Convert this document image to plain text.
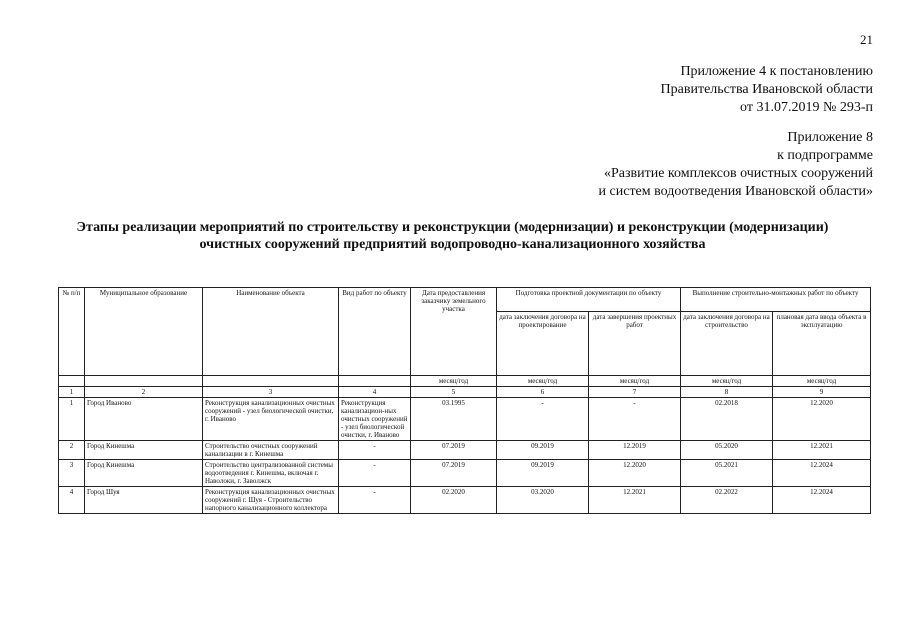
21
Приложение 4 к постановлению
Правительства Ивановской области
от 31.07.2019 № 293-п
Приложение 8
к подпрограмме
«Развитие комплексов очистных сооружений
и систем водоотведения Ивановской области»
Этапы реализации мероприятий по строительству и реконструкции (модернизации) и реконструкции (модернизации)
очистных сооружений предприятий водопроводно-канализационного хозяйства
№ п/п	Муниципальное образование	Наименование объекта	Вид работ по объекту	Дата предоставления заказчику земельного участка	Подготовка проектной документации по объекту		Выполнение строительно-монтажных работ по объекту	
					дата заключения договора на проектирование	дата завершения проектных работ	дата заключения договора на строительство	плановая дата ввода объекта в эксплуатацию
				месяц/год	месяц/год	месяц/год	месяц/год	месяц/год
1	2	3	4	5	6	7	8	9
1	Город Иваново	Реконструкция канализационных очистных сооружений - узел биологической очистки, г. Иваново	Реконструкция канализацион-ных очистных сооружений - узел биологической очистки, г. Иваново	03.1995	-	-	02.2018	12.2020
2	Город Кинешма	Строительство очистных сооружений канализации в г. Кинешма	-	07.2019	09.2019	12.2019	05.2020	12.2021
3	Город Кинешма	Строительство централизованной системы водоотведения г. Кинешма, включая г. Наволоки, г. Заволжск	-	07.2019	09.2019	12.2020	05.2021	12.2024
4	Город Шуя	Реконструкция канализационных очистных сооружений г. Шуя - Строительство напорного канализационного коллектора	-	02.2020	03.2020	12.2021	02.2022	12.2024
